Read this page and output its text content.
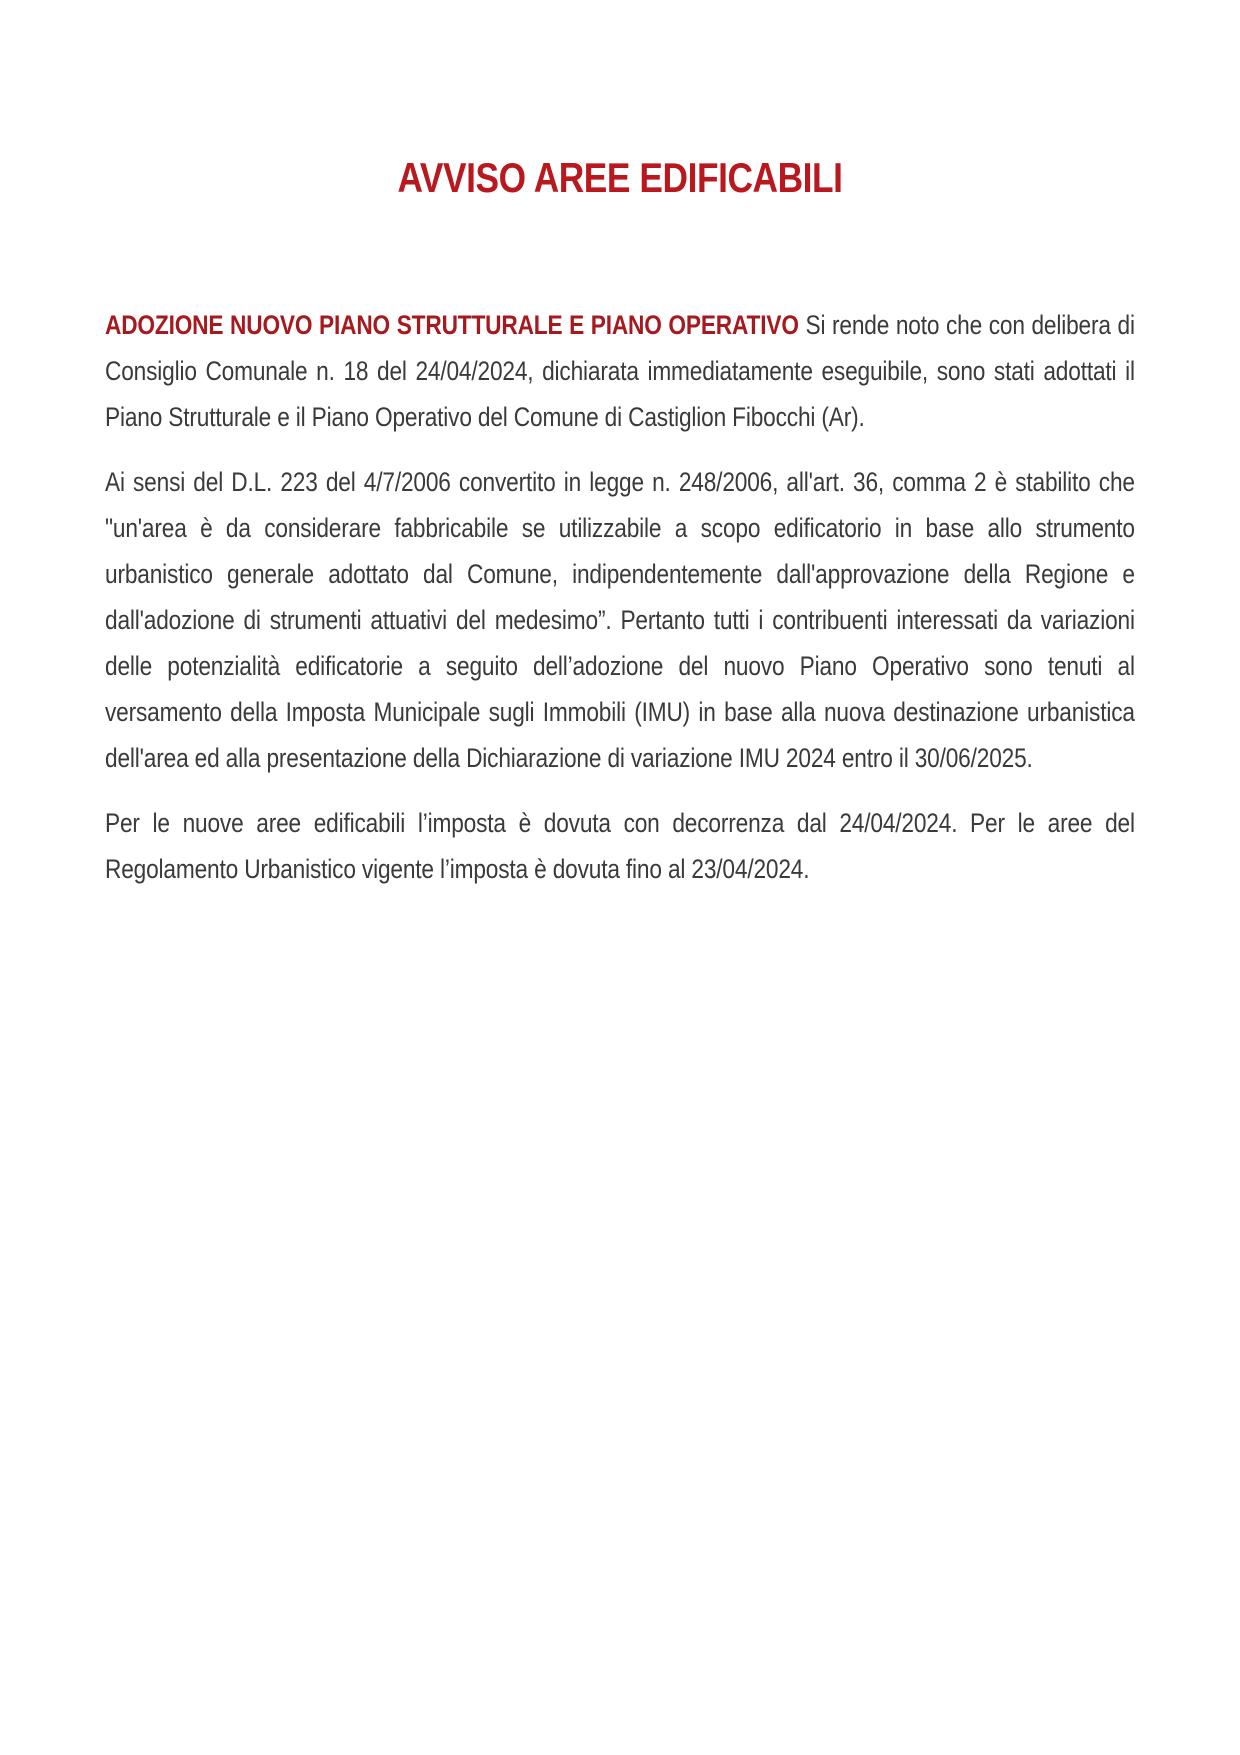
AVVISO AREE EDIFICABILI

ADOZIONE NUOVO PIANO STRUTTURALE E PIANO OPERATIVO Si rende noto che con delibera di Consiglio Comunale n. 18 del 24/04/2024, dichiarata immediatamente eseguibile, sono stati adottati il Piano Strutturale e il Piano Operativo del Comune di Castiglion Fibocchi (Ar).

Ai sensi del D.L. 223 del 4/7/2006 convertito in legge n. 248/2006, all'art. 36, comma 2 è stabilito che "un'area è da considerare fabbricabile se utilizzabile a scopo edificatorio in base allo strumento urbanistico generale adottato dal Comune, indipendentemente dall'approvazione della Regione e dall'adozione di strumenti attuativi del medesimo”. Pertanto tutti i contribuenti interessati da variazioni delle potenzialità edificatorie a seguito dell’adozione del nuovo Piano Operativo sono tenuti al versamento della Imposta Municipale sugli Immobili (IMU) in base alla nuova destinazione urbanistica dell'area ed alla presentazione della Dichiarazione di variazione IMU 2024 entro il 30/06/2025.

Per le nuove aree edificabili l’imposta è dovuta con decorrenza dal 24/04/2024. Per le aree del Regolamento Urbanistico vigente l’imposta è dovuta fino al 23/04/2024.
